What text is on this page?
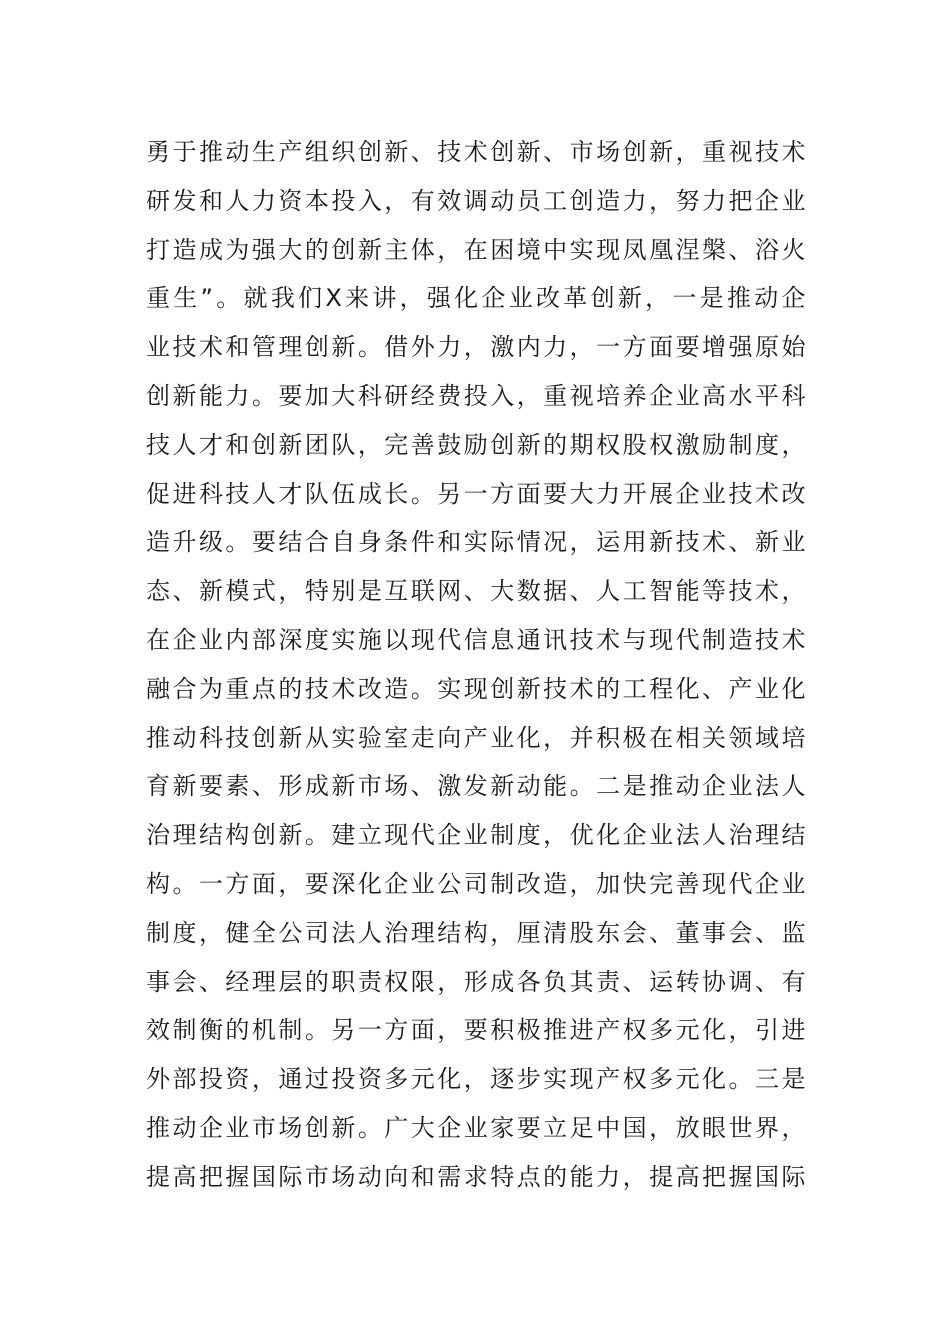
勇于推动生产组织创新、技术创新、市场创新，重视技术
研发和人力资本投入，有效调动员工创造力，努力把企业
打造成为强大的创新主体，在困境中实现凤凰涅槃、浴火
重生”。就我们X来讲，强化企业改革创新，一是推动企
业技术和管理创新。借外力，激内力，一方面要增强原始
创新能力。要加大科研经费投入，重视培养企业高水平科
技人才和创新团队，完善鼓励创新的期权股权激励制度，
促进科技人才队伍成长。另一方面要大力开展企业技术改
造升级。要结合自身条件和实际情况，运用新技术、新业
态、新模式，特别是互联网、大数据、人工智能等技术，
在企业内部深度实施以现代信息通讯技术与现代制造技术
融合为重点的技术改造。实现创新技术的工程化、产业化
推动科技创新从实验室走向产业化，并积极在相关领域培
育新要素、形成新市场、激发新动能。二是推动企业法人
治理结构创新。建立现代企业制度，优化企业法人治理结
构。一方面，要深化企业公司制改造，加快完善现代企业
制度，健全公司法人治理结构，厘清股东会、董事会、监
事会、经理层的职责权限，形成各负其责、运转协调、有
效制衡的机制。另一方面，要积极推进产权多元化，引进
外部投资，通过投资多元化，逐步实现产权多元化。三是
推动企业市场创新。广大企业家要立足中国，放眼世界，
提高把握国际市场动向和需求特点的能力，提高把握国际
